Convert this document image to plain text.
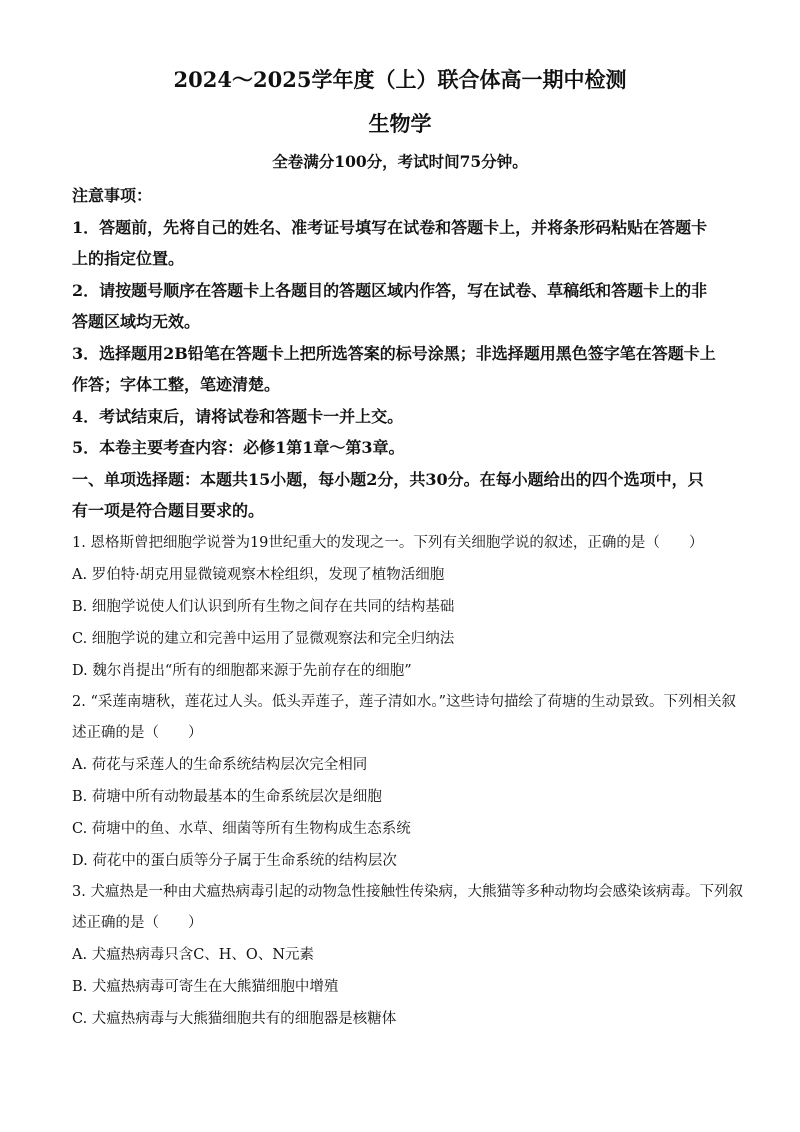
2024～2025学年度（上）联合体高一期中检测
生物学
全卷满分100分，考试时间75分钟。
注意事项：
1．答题前，先将自己的姓名、准考证号填写在试卷和答题卡上，并将条形码粘贴在答题卡
上的指定位置。
2．请按题号顺序在答题卡上各题目的答题区域内作答，写在试卷、草稿纸和答题卡上的非
答题区域均无效。
3．选择题用2B铅笔在答题卡上把所选答案的标号涂黑；非选择题用黑色签字笔在答题卡上
作答；字体工整，笔迹清楚。
4．考试结束后，请将试卷和答题卡一并上交。
5．本卷主要考查内容：必修1第1章～第3章。
一、单项选择题：本题共15小题，每小题2分，共30分。在每小题给出的四个选项中，只
有一项是符合题目要求的。
1. 恩格斯曾把细胞学说誉为19世纪重大的发现之一。下列有关细胞学说的叙述，正确的是（　　）
A. 罗伯特·胡克用显微镜观察木栓组织，发现了植物活细胞
B. 细胞学说使人们认识到所有生物之间存在共同的结构基础
C. 细胞学说的建立和完善中运用了显微观察法和完全归纳法
D. 魏尔肖提出“所有的细胞都来源于先前存在的细胞”
2. “采莲南塘秋，莲花过人头。低头弄莲子，莲子清如水。”这些诗句描绘了荷塘的生动景致。下列相关叙
述正确的是（　　）
A. 荷花与采莲人的生命系统结构层次完全相同
B. 荷塘中所有动物最基本的生命系统层次是细胞
C. 荷塘中的鱼、水草、细菌等所有生物构成生态系统
D. 荷花中的蛋白质等分子属于生命系统的结构层次
3. 犬瘟热是一种由犬瘟热病毒引起的动物急性接触性传染病，大熊猫等多种动物均会感染该病毒。下列叙
述正确的是（　　）
A. 犬瘟热病毒只含C、H、O、N元素
B. 犬瘟热病毒可寄生在大熊猫细胞中增殖
C. 犬瘟热病毒与大熊猫细胞共有的细胞器是核糖体
